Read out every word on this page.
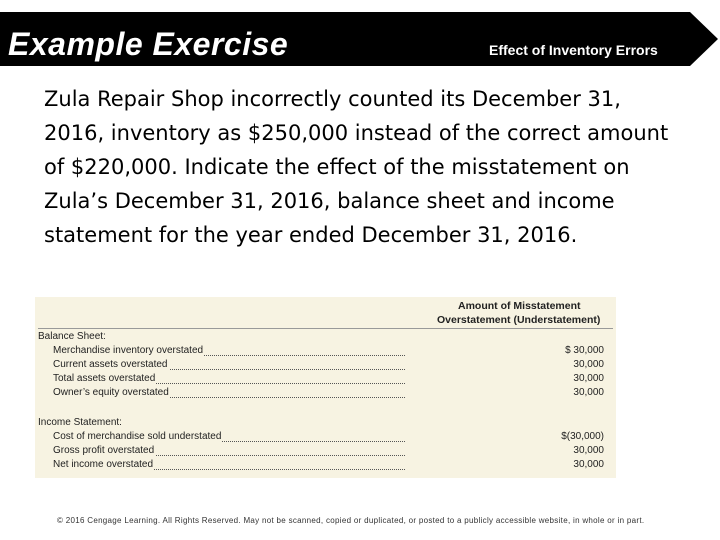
Example Exercise	Effect of Inventory Errors
Zula Repair Shop incorrectly counted its December 31, 2016, inventory as $250,000 instead of the correct amount of $220,000. Indicate the effect of the misstatement on Zula’s December 31, 2016, balance sheet and income statement for the year ended December 31, 2016.
Amount of Misstatement
Overstatement (Understatement)
Balance Sheet:
Merchandise inventory overstated	$ 30,000
Current assets overstated	30,000
Total assets overstated	30,000
Owner’s equity overstated	30,000
Income Statement:
Cost of merchandise sold understated	$(30,000)
Gross profit overstated	30,000
Net income overstated	30,000
© 2016 Cengage Learning. All Rights Reserved. May not be scanned, copied or duplicated, or posted to a publicly accessible website, in whole or in part.
